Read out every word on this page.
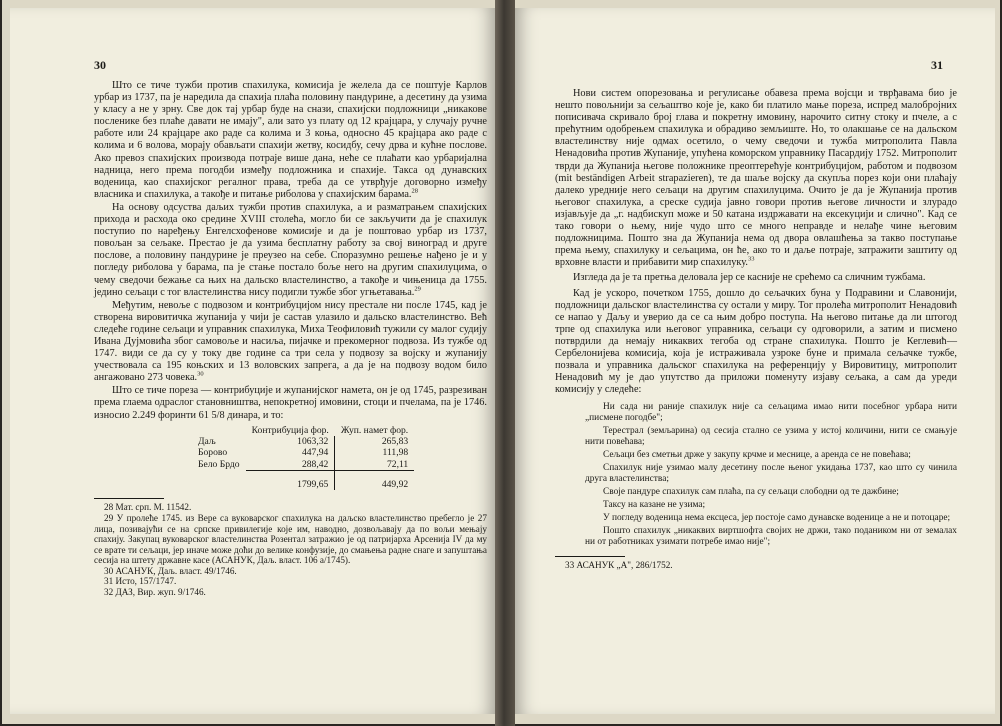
30

Што се тиче тужби против спахилука, комисија је желела да се поштује Карлов урбар из 1737, па је наредила да спахија плаћа половину пандурине, а десетину да узима у класу а не у зрну. Све док тај урбар буде на снази, спахијски подложници „никакове посленике без плаће давати не имају", али зато уз плату од 12 крајцара, у случају ручне работе или 24 крајцаре ако раде са колима и 3 коња, односно 45 крајцара ако раде с колима и 6 волова, морају обављати спахији жетву, косидбу, сечу дрва и кућне послове. Ако превоз спахијских производа потраје више дана, неће се плаћати као урбаријална надница, него према погодби између подложника и спахије. Такса од дунавских воденица, као спахијског регалног права, треба да се утврђује договорно између власника и спахилука, а такође и питање риболова у спахијским барама.$^{28}$

На основу одсуства даљих тужби против спахилука, а и разматрањем спахијских прихода и расхода око средине XVIII столећа, могло би се закључити да је спахилук поступио по наређењу Енгелсхофенове комисије и да је поштовао урбар из 1737, повољан за сељаке. Престао је да узима бесплатну работу за свој виноград и друге послове, а половину пандурине је преузео на себе. Споразумно решење нађено је и у погледу риболова у барама, па је стање постало боље него на другим спахилуцима, о чему сведочи бежање са њих на дальско властелинство, а такође и чињеница да 1755. једино сељаци с тог властелинства нису подигли тужбе због угњетавања.$^{29}$

Међутим, невоље с подвозом и контрибуцијом нису престале ни после 1745, кад је створена вировитичка жупанија у чији је састав улазило и дальско властелинство. Већ следеће године сељаци и управник спахилука, Миха Теофиловић тужили су малог судију Ивана Дујмовића због самовоље и насиља, пијачке и прекомерног подвоза. Из тужбе од 1747. види се да су у току две године са три села у подвозу за војску и жупанију учествовала са 195 коњских и 13 воловских запрега, а да је на подвозу водом било ангажовано 273 човека.$^{30}$

Што се тиче пореза — контрибуције и жупанијског намета, он је од 1745, разрезиван према глаема одраслог становништва, непокретној имовини, стоци и пчелама, па је 1746. износио 2.249 форинти 61 5/8 динара, и то:

	Контрибуција фор.	Жуп. намет фор.
Даљ	1063,32	265,83
Борово	447,94	111,98
Бело Брдо	288,42	72,11
	1799,65	449,92
28 Мат. срп. М. 11542.
29 У пролеће 1745. из Вере са вуковарског спахилука на даљско властелинство пребегло је 27 лица, позивајући се на српске привилегије које им, наводно, дозвољавају да по вољи мењају спахију. Закупац вуковарског властелинства Розентал затражио је од патријарха Арсенија IV да му се врате ти сељаци, јер иначе може доћи до велике конфузије, до смањења радне снаге и запуштања сесија на штету државне касе (АСАНУК, Даљ. власт. 106 а/1745).
30 АСАНУК, Даљ. власт. 49/1746.
31 Исто, 157/1747.
32 ДАЗ, Вир. жуп. 9/1746.
31

Нови систем опорезовања и регулисање обавеза према војсци и тврђавама био је нешто повољнији за сељаштво које је, како би платило мање пореза, испред малобројних пописивача скривало број глава и покретну имовину, нарочито ситну стоку и пчеле, а с прећутним одобрењем спахилука и обрадиво земљиште. Но, то олакшање се на дальском властелинству није одмах осетило, о чему сведочи и тужба митрополита Павла Ненадовића против Жупаније, упућена коморском управнику Пасардију 1752. Митрополит тврди да Жупанија његове положнике преоптерећује контрибуцијом, работом и подвозом (mit beständigen Arbeit strapazieren), те да шаље војску да скупља порез који они плаћају далеко уредније него сељаци на другим спахилуцима. Очито је да је Жупанија против његовог спахилука, а среске судија јавно говори против његове личности и злурадо изјављује да „г. надбискуп може и 50 катана издржавати на ексекуцији и слично". Кад се тако говори о њему, није чудо што се много неправде и нелађе чине његовим подложницима. Пошто зна да Жупанија нема од двора овлашћења за такво поступање према њему, спахилуку и сељацима, он ће, ако то и даље потраје, затражити заштиту од врховне власти и прибавити мир спахилуку.$^{33}$

Изгледа да је та претња деловала јер се касније не срећемо са сличним тужбама.

Кад је ускоро, почетком 1755, дошло до сељачких буна у Подравини и Славонији, подложници дальског властелинства су остали у миру. Тог пролећа митрополит Ненадовић се напао у Даљу и уверио да се са њим добро поступа. На његово питање да ли штогод трпе од спахилука или његовог управника, сељаци су одговорили, а затим и писмено потврдили да немају никаквих тегоба од стране спахилука. Пошто је Кеглевић—Сербелонијева комисија, која је истраживала узроке буне и примала сељачке тужбе, позвала и управника дальског спахилука на референцију у Вировитицу, митрополит Ненадовић му је дао упутство да приложи поменуту изјаву сељака, а сам да уреди комисију у следеће:

Ни сада ни раније спахилук није са сељацима имао нити посебног урбара нити „писмене погодбе";
Терестрал (земљарина) од сесија стално се узима у истој количини, нити се смањује нити повећава;
Сељаци без сметњи држе у закупу крчме и месницe, а аренда се не повећава;
Спахилук није узимао малу десетину после њеног укидања 1737, као што су чинила друга властелинства;
Своје пандуре спахилук сам плаћа, па су сељаци слободни од те дажбине;
Таксу на казане не узима;
У погледу воденица нема ексцеса, јер постоје само дунавске воденице а не и потоцаре;
Пошто спахилук „никаквих виртшофта својих не држи, тако подаником ни от земалах ни от работниках узимати потребе имао није";
33 АСАНУК „А", 286/1752.
